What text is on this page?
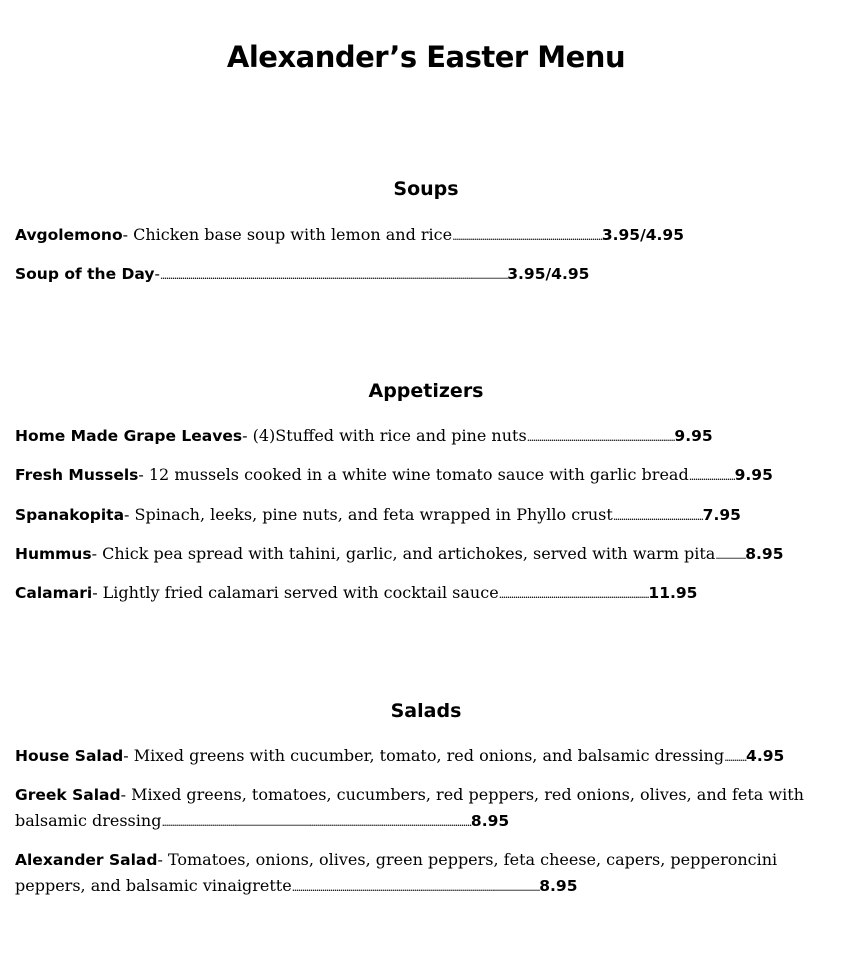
Alexander’s Easter Menu
Soups
Avgolemono- Chicken base soup with lemon and rice...........................................................................3.95/4.95
Soup of the Day-..............................................................................................................................................................................3.95/4.95
Appetizers
Home Made Grape Leaves- (4)Stuffed with rice and pine nuts..........................................................................9.95
Fresh Mussels- 12 mussels cooked in a white wine tomato sauce with garlic bread.......................9.95
Spanakopita- Spinach, leeks, pine nuts, and feta wrapped in Phyllo crust.............................................7.95
Hummus- Chick pea spread with tahini, garlic, and artichokes, served with warm pita...............8.95
Calamari- Lightly fried calamari served with cocktail sauce...........................................................................11.95
Salads
House Salad- Mixed greens with cucumber, tomato, red onions, and balsamic dressing...........4.95
Greek Salad- Mixed greens, tomatoes, cucumbers, red peppers, red onions, olives, and feta with balsamic dressing...........................................................................................................................................................8.95
Alexander Salad- Tomatoes, onions, olives, green peppers, feta cheese, capers, pepperoncini peppers, and balsamic vinaigrette............................................................................................................................8.95
